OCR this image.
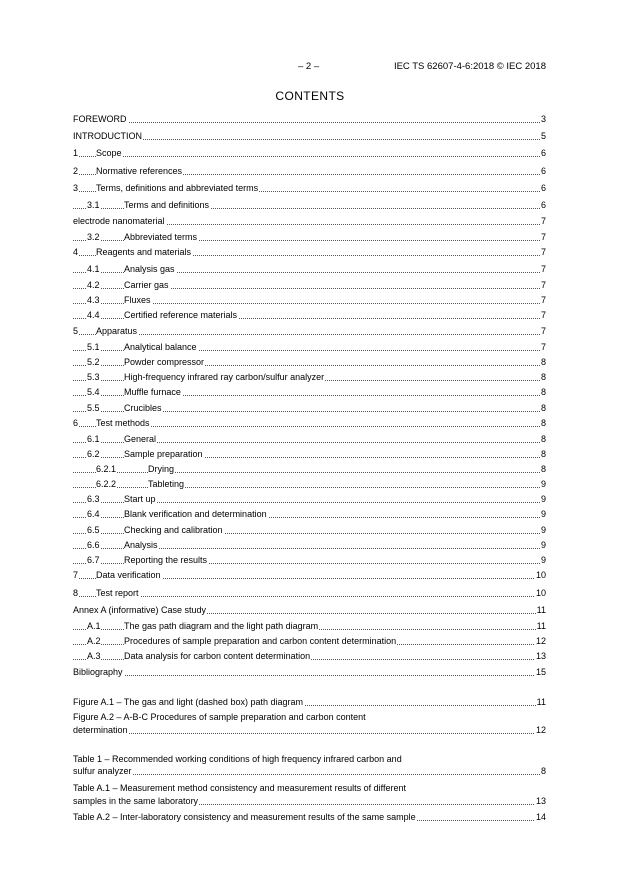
– 2 –	IEC TS 62607-4-6:2018 © IEC 2018
CONTENTS
FOREWORD	3
INTRODUCTION	5
1 Scope	6
2 Normative references	6
3 Terms, definitions and abbreviated terms	6
3.1	Terms and definitions	6
electrode nanomaterial	7
3.2	Abbreviated terms	7
4 Reagents and materials	7
4.1	Analysis gas	7
4.2	Carrier gas	7
4.3	Fluxes	7
4.4	Certified reference materials	7
5 Apparatus	7
5.1	Analytical balance	7
5.2	Powder compressor	8
5.3	High-frequency infrared ray carbon/sulfur analyzer	8
5.4	Muffle furnace	8
5.5	Crucibles	8
6 Test methods	8
6.1	General	8
6.2	Sample preparation	8
6.2.1	Drying	8
6.2.2	Tableting	9
6.3	Start up	9
6.4	Blank verification and determination	9
6.5	Checking and calibration	9
6.6	Analysis	9
6.7	Reporting the results	9
7 Data verification	10
8 Test report	10
Annex A (informative) Case study	11
A.1	The gas path diagram and the light path diagram	11
A.2	Procedures of sample preparation and carbon content determination	12
A.3	Data analysis for carbon content determination	13
Bibliography	15
Figure A.1 – The gas and light (dashed box) path diagram	11
Figure A.2 – A-B-C Procedures of sample preparation and carbon content
determination	12
Table 1 – Recommended working conditions of high frequency infrared carbon and
sulfur analyzer	8
Table A.1 – Measurement method consistency and measurement results of different
samples in the same laboratory	13
Table A.2 – Inter-laboratory consistency and measurement results of the same sample	14
